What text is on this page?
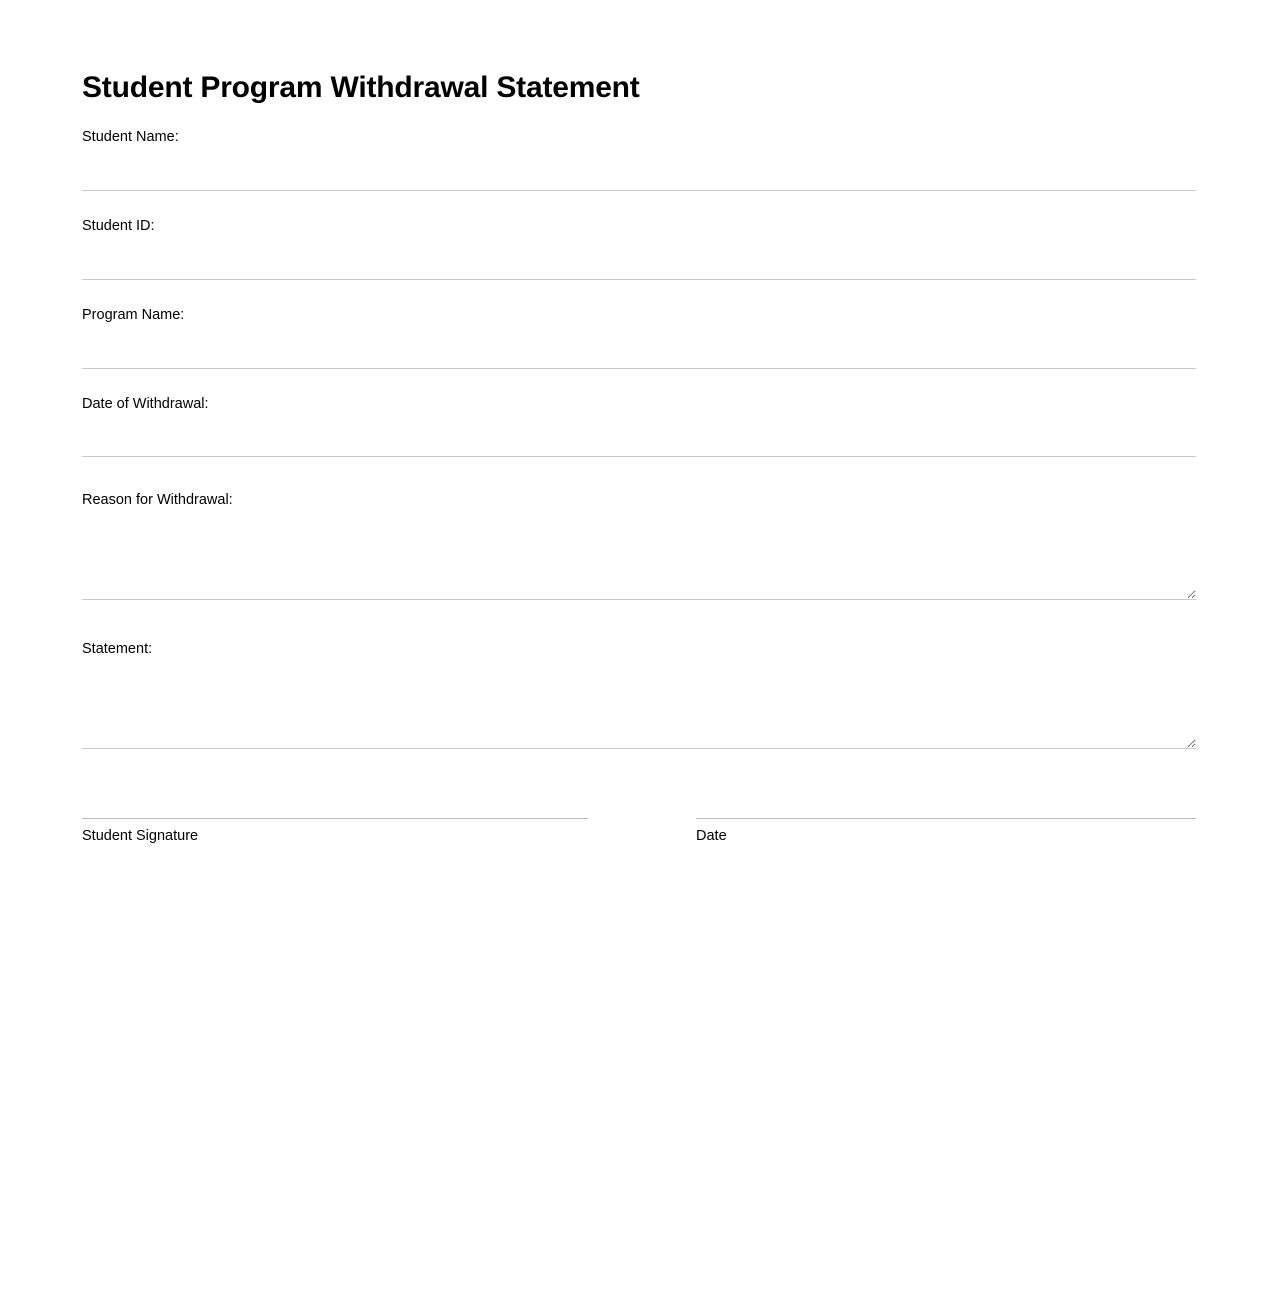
Student Program Withdrawal Statement
Student Name:
Student ID:
Program Name:
Date of Withdrawal:
Reason for Withdrawal:
Statement:
Student Signature	Date
